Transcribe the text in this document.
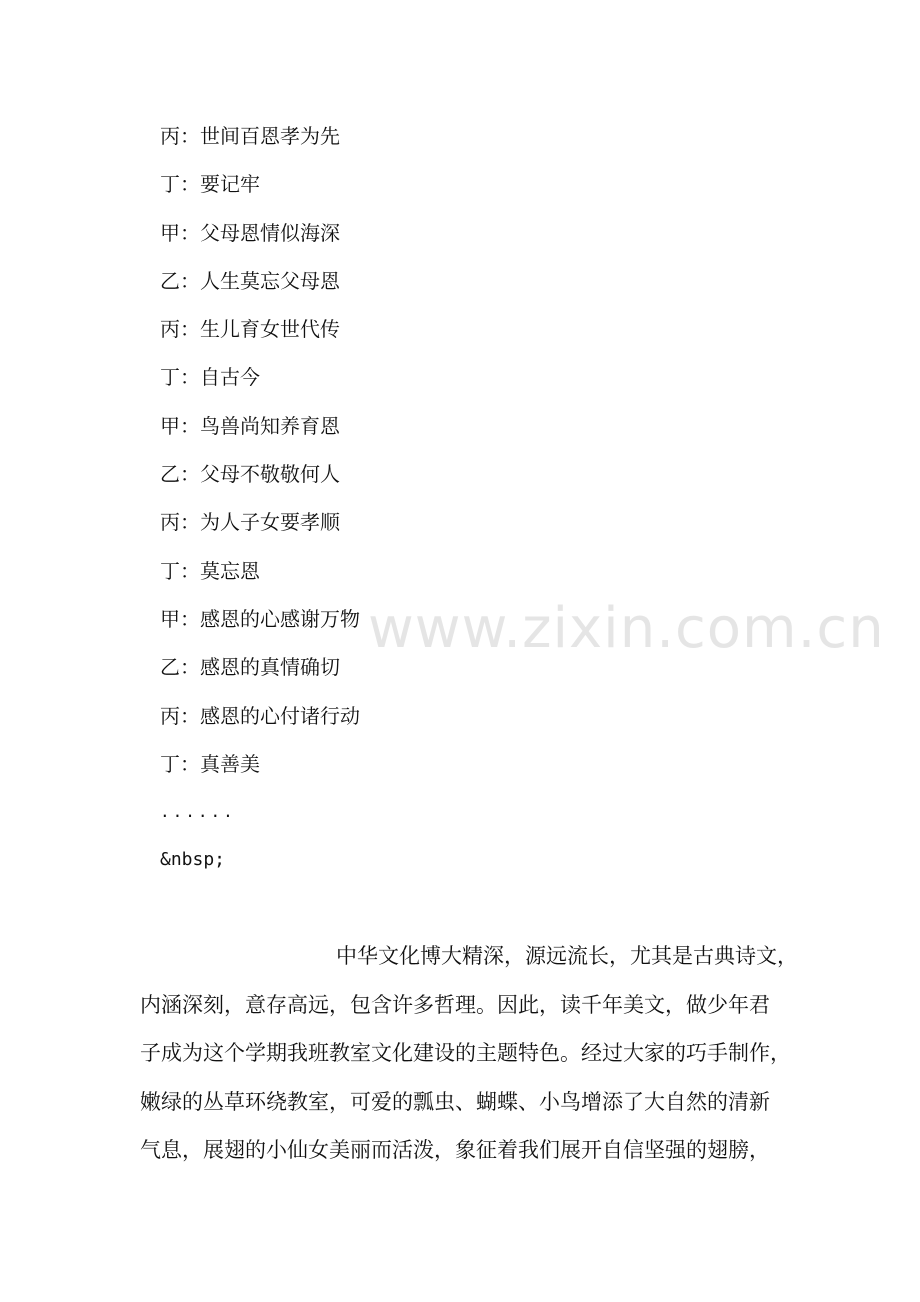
丙：世间百恩孝为先
丁：要记牢
甲：父母恩情似海深
乙：人生莫忘父母恩
丙：生儿育女世代传
丁：自古今
甲：鸟兽尚知养育恩
乙：父母不敬敬何人
丙：为人子女要孝顺
丁：莫忘恩
甲：感恩的心感谢万物
乙：感恩的真情确切
丙：感恩的心付诸行动
丁：真善美
......
&nbsp;
中华文化博大精深，源远流长，尤其是古典诗文，
内涵深刻，意存高远，包含许多哲理。因此，读千年美文，做少年君
子成为这个学期我班教室文化建设的主题特色。经过大家的巧手制作，
嫩绿的丛草环绕教室，可爱的瓢虫、蝴蝶、小鸟增添了大自然的清新
气息，展翅的小仙女美丽而活泼，象征着我们展开自信坚强的翅膀，
www.zixin.com.cn
